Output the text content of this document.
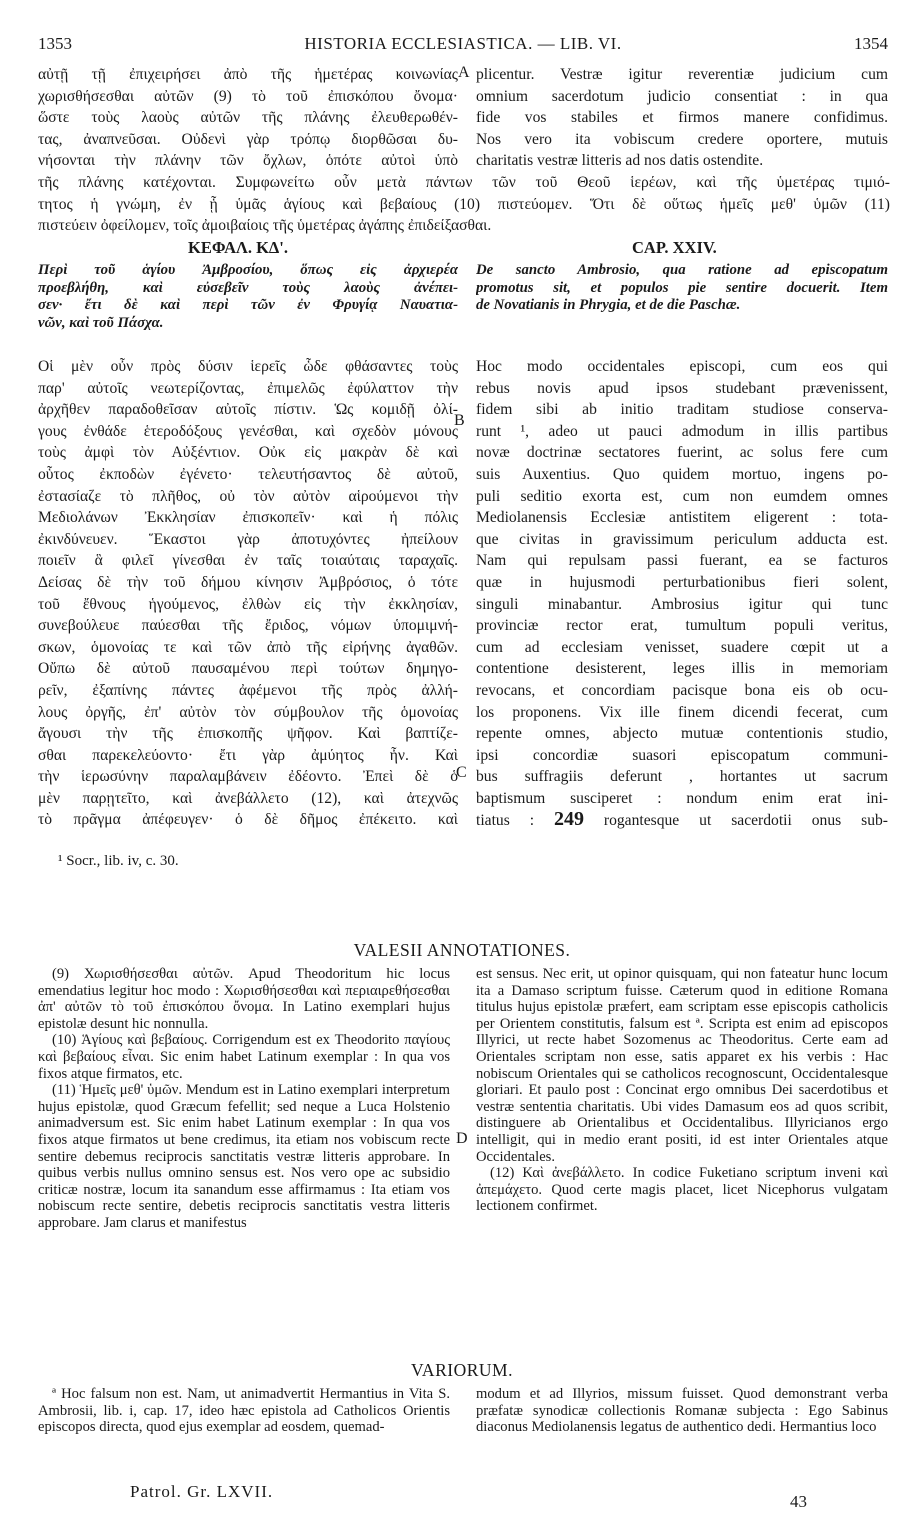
1353	HISTORIA ECCLESIASTICA. — LIB. VI.	1354
αὐτῇ τῇ ἐπιχειρήσει ἀπὸ τῆς ἡμετέρας κοινωνίας
χωρισθήσεσθαι αὐτῶν (9) τὸ τοῦ ἐπισκόπου ὄνομα·
ὥστε τοὺς λαοὺς αὐτῶν τῆς πλάνης ἐλευθερωθέν-
τας, ἀναπνεῦσαι. Οὐδενὶ γὰρ τρόπῳ διορθῶσαι δυ-
νήσονται τὴν πλάνην τῶν ὄχλων, ὁπότε αὐτοὶ ὑπὸ
A plicentur. Vestræ igitur reverentiæ judicium cum
omnium sacerdotum judicio consentiat : in qua
fide vos stabiles et firmos manere confidimus.
Nos vero ita vobiscum credere oportere, mutuis
charitatis vestræ litteris ad nos datis ostendite.
τῆς πλάνης κατέχονται. Συμφωνείτω οὖν μετὰ πάντων τῶν τοῦ Θεοῦ ἱερέων, καὶ τῆς ὑμετέρας τιμιό-
τητος ἡ γνώμη, ἐν ᾗ ὑμᾶς ἁγίους καὶ βεβαίους (10) πιστεύομεν. Ὅτι δὲ οὕτως ἡμεῖς μεθ' ὑμῶν (11)
πιστεύειν ὀφείλομεν, τοῖς ἀμοιβαίοις τῆς ὑμετέρας ἀγάπης ἐπιδείξασθαι.
ΚΕΦΑΛ. ΚΔ'.	CAP. XXIV.
Περὶ τοῦ ἁγίου Ἀμβροσίου, ὅπως εἰς ἀρχιερέα
προεβλήθη, καὶ εὐσεβεῖν τοὺς λαοὺς ἀνέπει-
σεν· ἔτι δὲ καὶ περὶ τῶν ἐν Φρυγίᾳ Ναυατια-
νῶν, καὶ τοῦ Πάσχα.
De sancto Ambrosio, qua ratione ad episcopatum
promotus sit, et populos pie sentire docuerit. Item
de Novatianis in Phrygia, et de die Paschæ.
Οἱ μὲν οὖν πρὸς δύσιν ἱερεῖς ὧδε φθάσαντες τοὺς
παρ' αὐτοῖς νεωτερίζοντας, ἐπιμελῶς ἐφύλαττον τὴν
ἀρχῆθεν παραδοθεῖσαν αὐτοῖς πίστιν. Ὡς κομιδῇ ὀλί-
γους ἐνθάδε ἑτεροδόξους γενέσθαι, καὶ σχεδὸν μόνους
τοὺς ἀμφὶ τὸν Αὐξέντιον. Οὐκ εἰς μακρὰν δὲ καὶ
οὗτος ἐκποδὼν ἐγένετο· τελευτήσαντος δὲ αὐτοῦ,
ἐστασίαζε τὸ πλῆθος, οὐ τὸν αὐτὸν αἱρούμενοι τὴν
Μεδιολάνων Ἐκκλησίαν ἐπισκοπεῖν· καὶ ἡ πόλις
ἐκινδύνευεν. Ἕκαστοι γὰρ ἀποτυχόντες ἠπείλουν
ποιεῖν ἃ φιλεῖ γίνεσθαι ἐν ταῖς τοιαύταις ταραχαῖς.
Δείσας δὲ τὴν τοῦ δήμου κίνησιν Ἀμβρόσιος, ὁ τότε
τοῦ ἔθνους ἡγούμενος, ἐλθὼν εἰς τὴν ἐκκλησίαν,
συνεβούλευε παύεσθαι τῆς ἔριδος, νόμων ὑπομιμνή-
σκων, ὁμονοίας τε καὶ τῶν ἀπὸ τῆς εἰρήνης ἀγαθῶν.
Οὔπω δὲ αὐτοῦ παυσαμένου περὶ τούτων δημηγο-
ρεῖν, ἐξαπίνης πάντες ἀφέμενοι τῆς πρὸς ἀλλή-
λους ὀργῆς, ἐπ' αὐτὸν τὸν σύμβουλον τῆς ὁμονοίας
ἄγουσι τὴν τῆς ἐπισκοπῆς ψῆφον. Καὶ βαπτίζε-
σθαι παρεκελεύοντο· ἔτι γὰρ ἀμύητος ἦν. Καὶ
τὴν ἱερωσύνην παραλαμβάνειν ἐδέοντο. Ἐπεὶ δὲ ὁ
μὲν παρῃτεῖτο, καὶ ἀνεβάλλετο (12), καὶ ἀτεχνῶς
τὸ πρᾶγμα ἀπέφευγεν· ὁ δὲ δῆμος ἐπέκειτο. καὶ
B
C
Hoc modo occidentales episcopi, cum eos qui
rebus novis apud ipsos studebant prævenissent,
fidem sibi ab initio traditam studiose conserva-
runt ¹, adeo ut pauci admodum in illis partibus
novæ doctrinæ sectatores fuerint, ac solus fere cum
suis Auxentius. Quo quidem mortuo, ingens po-
puli seditio exorta est, cum non eumdem omnes
Mediolanensis Ecclesiæ antistitem eligerent : tota-
que civitas in gravissimum periculum adducta est.
Nam qui repulsam passi fuerant, ea se facturos
quæ in hujusmodi perturbationibus fieri solent,
singuli minabantur. Ambrosius igitur qui tunc
provinciæ rector erat, tumultum populi veritus,
cum ad ecclesiam venisset, suadere cœpit ut a
contentione desisterent, leges illis in memoriam
revocans, et concordiam pacisque bona eis ob ocu-
los proponens. Vix ille finem dicendi fecerat, cum
repente omnes, abjecto mutuæ contentionis studio,
ipsi concordiæ suasori episcopatum communi-
bus suffragiis deferunt , hortantes ut sacrum
baptismum susciperet : nondum enim erat ini-
tiatus : 249 rogantesque ut sacerdotii onus sub-
¹ Socr., lib. iv, c. 30.
VALESII ANNOTATIONES.

(9) Χωρισθήσεσθαι αὐτῶν. Apud Theodoritum hic locus emendatius legitur hoc modo : Χωρισθήσεσθαι καὶ περιαιρεθήσεσθαι ἀπ' αὐτῶν τὸ τοῦ ἐπισκόπου ὄνομα. In Latino exemplari hujus epistolæ desunt hic nonnulla.

(10) Ἁγίους καὶ βεβαίους. Corrigendum est ex Theodorito παγίους καὶ βεβαίους εἶναι. Sic enim habet Latinum exemplar : In qua vos fixos atque firmatos, etc.

(11) Ἡμεῖς μεθ' ὑμῶν. Mendum est in Latino exemplari interpretum hujus epistolæ, quod Græcum fefellit; sed neque a Luca Holstenio animadversum est. Sic enim habet Latinum exemplar : In qua vos fixos atque firmatos ut bene credimus, ita etiam nos vobiscum recte sentire debemus reciprocis sanctitatis vestræ litteris approbare. In quibus verbis nullus omnino sensus est. Nos vero ope ac subsidio criticæ nostræ, locum ita sanandum esse affirmamus : Ita etiam vos nobiscum recte sentire, debetis reciprocis sanctitatis vestra litteris approbare. Jam clarus et manifestus

D

est sensus. Nec erit, ut opinor quisquam, qui non fateatur hunc locum ita a Damaso scriptum fuisse. Cæterum quod in editione Romana titulus hujus epistolæ præfert, eam scriptam esse episcopis catholicis per Orientem constitutis, falsum est ª. Scripta est enim ad episcopos Illyrici, ut recte habet Sozomenus ac Theodoritus. Certe eam ad Orientales scriptam non esse, satis apparet ex his verbis : Hac nobiscum Orientales qui se catholicos recognoscunt, Occidentalesque gloriari. Et paulo post : Concinat ergo omnibus Dei sacerdotibus et vestræ sententia charitatis. Ubi vides Damasum eos ad quos scribit, distinguere ab Orientalibus et Occidentalibus. Illyricianos ergo intelligit, qui in medio erant positi, id est inter Orientales atque Occidentales.

(12) Καὶ ἀνεβάλλετο. In codice Fuketiano scriptum inveni καὶ ἀπεμάχετο. Quod certe magis placet, licet Nicephorus vulgatam lectionem confirmet.

VARIORUM.

ª Hoc falsum non est. Nam, ut animadvertit Hermantius in Vita S. Ambrosii, lib. i, cap. 17, ideo hæc epistola ad Catholicos Orientis episcopos directa, quod ejus exemplar ad eosdem, quemad-

modum et ad Illyrios, missum fuisset. Quod demonstrant verba præfatæ synodicæ collectionis Romanæ subjecta : Ego Sabinus diaconus Mediolanensis legatus de authentico dedi. Hermantius loco

Patrol. Gr. LXVII.
43
